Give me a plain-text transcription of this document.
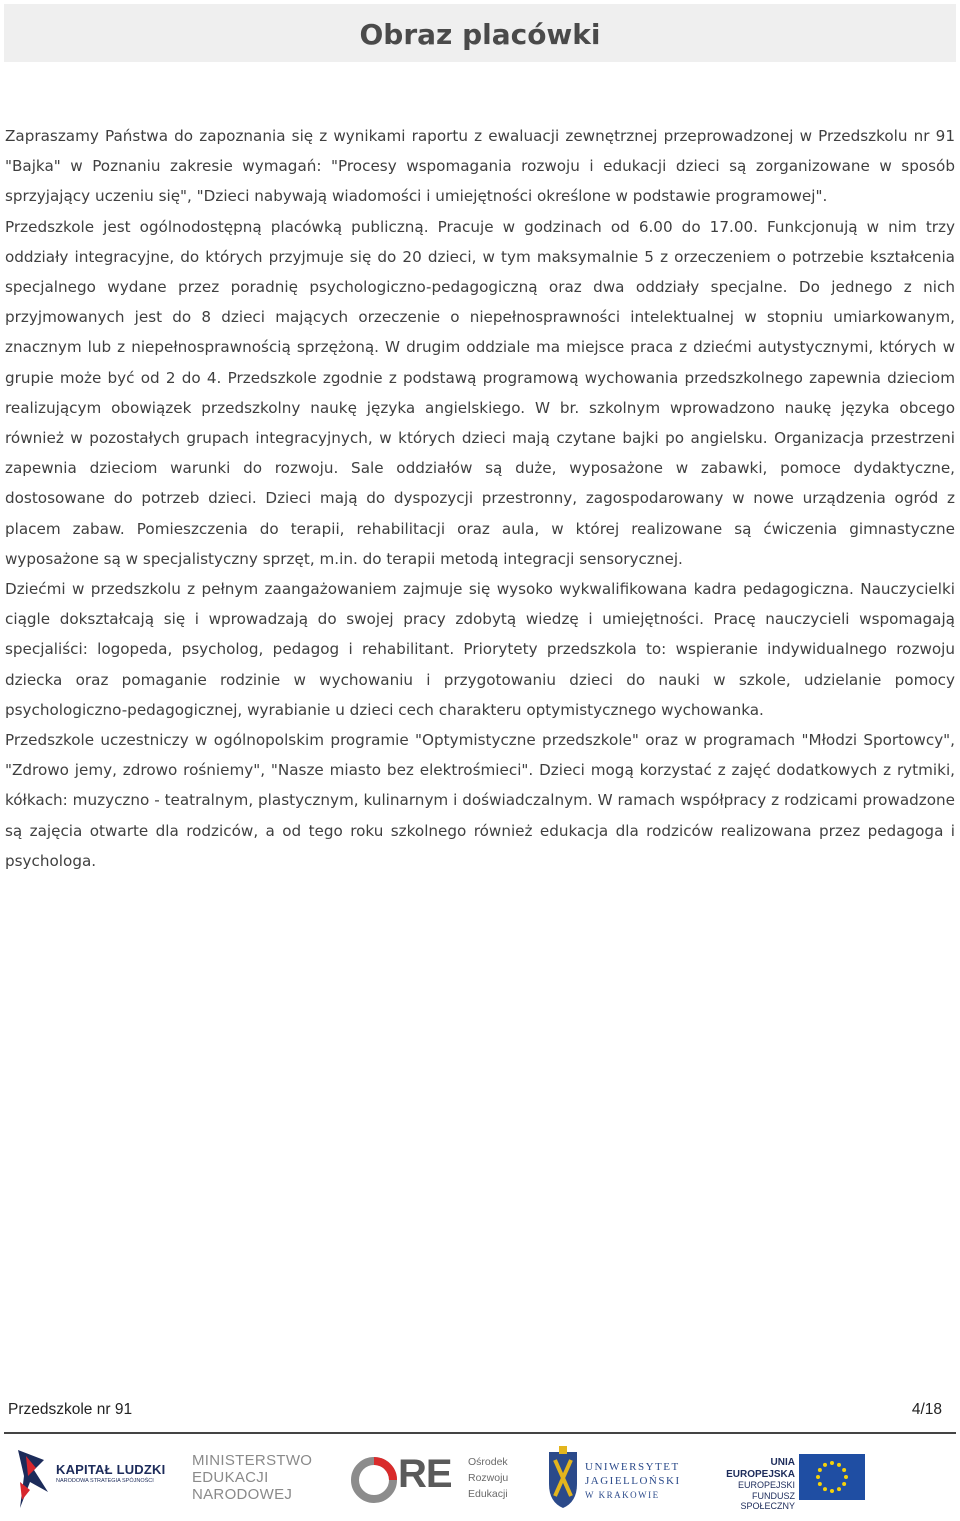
Obraz placówki

Zapraszamy Państwa do zapoznania się z wynikami raportu z ewaluacji zewnętrznej przeprowadzonej w Przedszkolu nr 91 "Bajka" w Poznaniu zakresie wymagań: "Procesy wspomagania rozwoju i edukacji dzieci są zorganizowane w sposób sprzyjający uczeniu się", "Dzieci nabywają wiadomości i umiejętności określone w podstawie programowej".

Przedszkole jest ogólnodostępną placówką publiczną. Pracuje w godzinach od 6.00 do 17.00. Funkcjonują w nim trzy oddziały integracyjne, do których przyjmuje się do 20 dzieci, w tym maksymalnie 5 z orzeczeniem o potrzebie kształcenia specjalnego wydane przez poradnię psychologiczno-pedagogiczną oraz dwa oddziały specjalne. Do jednego z nich przyjmowanych jest do 8 dzieci mających orzeczenie o niepełnosprawności intelektualnej w stopniu umiarkowanym, znacznym lub z niepełnosprawnością sprzężoną. W drugim oddziale ma miejsce praca z dziećmi autystycznymi, których w grupie może być od 2 do 4. Przedszkole zgodnie z podstawą programową wychowania przedszkolnego zapewnia dzieciom realizującym obowiązek przedszkolny naukę języka angielskiego. W br. szkolnym wprowadzono naukę języka obcego również w pozostałych grupach integracyjnych, w których dzieci mają czytane bajki po angielsku. Organizacja przestrzeni zapewnia dzieciom warunki do rozwoju. Sale oddziałów są duże, wyposażone w zabawki, pomoce dydaktyczne, dostosowane do potrzeb dzieci. Dzieci mają do dyspozycji przestronny, zagospodarowany w nowe urządzenia ogród z placem zabaw. Pomieszczenia do terapii, rehabilitacji oraz aula, w której realizowane są ćwiczenia gimnastyczne wyposażone są w specjalistyczny sprzęt, m.in. do terapii metodą integracji sensorycznej.

Dziećmi w przedszkolu z pełnym zaangażowaniem zajmuje się wysoko wykwalifikowana kadra pedagogiczna. Nauczycielki ciągle dokształcają się i wprowadzają do swojej pracy zdobytą wiedzę i umiejętności. Pracę nauczycieli wspomagają specjaliści: logopeda, psycholog, pedagog i rehabilitant. Priorytety przedszkola to: wspieranie indywidualnego rozwoju dziecka oraz pomaganie rodzinie w wychowaniu i przygotowaniu dzieci do nauki w szkole, udzielanie pomocy psychologiczno-pedagogicznej, wyrabianie u dzieci cech charakteru optymistycznego wychowanka.

Przedszkole uczestniczy w ogólnopolskim programie "Optymistyczne przedszkole" oraz w programach "Młodzi Sportowcy", "Zdrowo jemy, zdrowo rośniemy", "Nasze miasto bez elektrośmieci". Dzieci mogą korzystać z zajęć dodatkowych z rytmiki, kółkach: muzyczno - teatralnym, plastycznym, kulinarnym i doświadczalnym. W ramach współpracy z rodzicami prowadzone są zajęcia otwarte dla rodziców, a od tego roku szkolnego również edukacja dla rodziców realizowana przez pedagoga i psychologa.

Przedszkole nr 91	4/18
KAPITAŁ LUDZKI
NARODOWA STRATEGIA SPÓJNOŚCI
MINISTERSTWO
EDUKACJI
NARODOWEJ	RE Ośrodek
Rozwoju
Edukacji
UNIWERSYTET
JAGIELLOŃSKI
W KRAKOWIE
UNIA EUROPEJSKA
EUROPEJSKI
FUNDUSZ SPOŁECZNY
